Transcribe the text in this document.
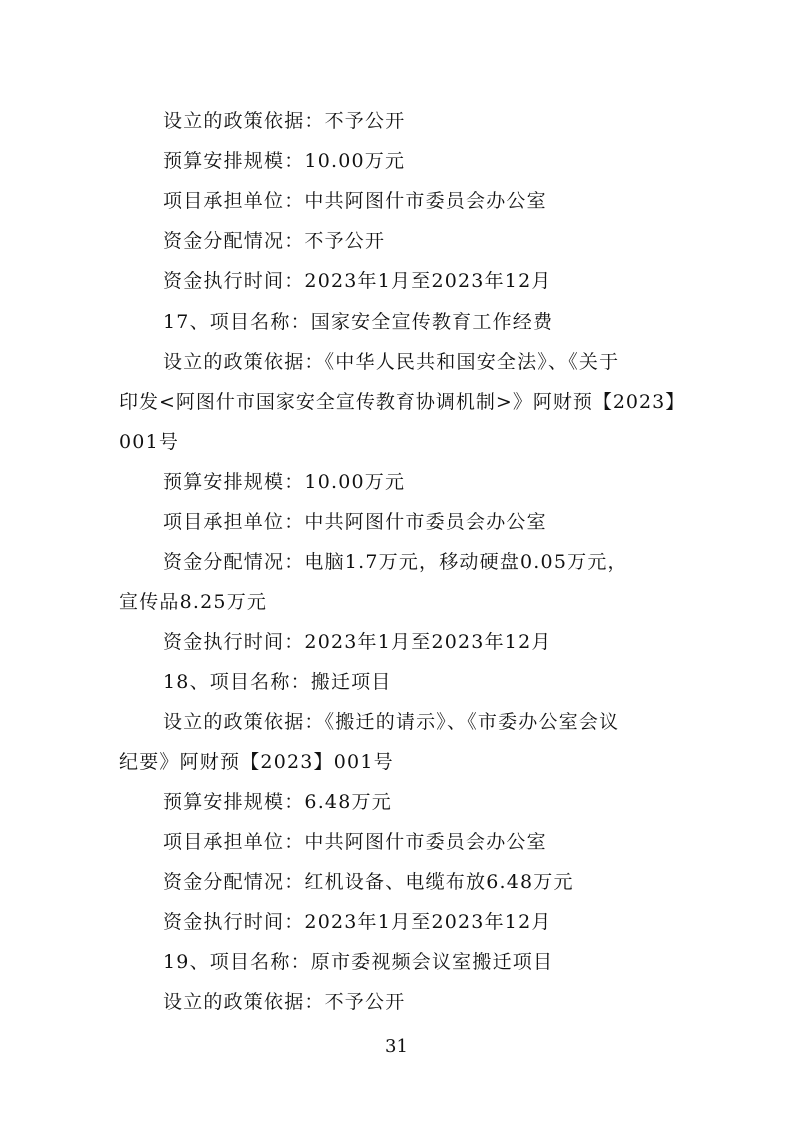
设立的政策依据：不予公开
预算安排规模：10.00万元
项目承担单位：中共阿图什市委员会办公室
资金分配情况：不予公开
资金执行时间：2023年1月至2023年12月
17、项目名称：国家安全宣传教育工作经费
设立的政策依据：《中华人民共和国安全法》、《关于
印发<阿图什市国家安全宣传教育协调机制>》阿财预【2023】
001号
预算安排规模：10.00万元
项目承担单位：中共阿图什市委员会办公室
资金分配情况：电脑1.7万元，移动硬盘0.05万元，
宣传品8.25万元
资金执行时间：2023年1月至2023年12月
18、项目名称：搬迁项目
设立的政策依据：《搬迁的请示》、《市委办公室会议
纪要》阿财预【2023】001号
预算安排规模：6.48万元
项目承担单位：中共阿图什市委员会办公室
资金分配情况：红机设备、电缆布放6.48万元
资金执行时间：2023年1月至2023年12月
19、项目名称：原市委视频会议室搬迁项目
设立的政策依据：不予公开
31
